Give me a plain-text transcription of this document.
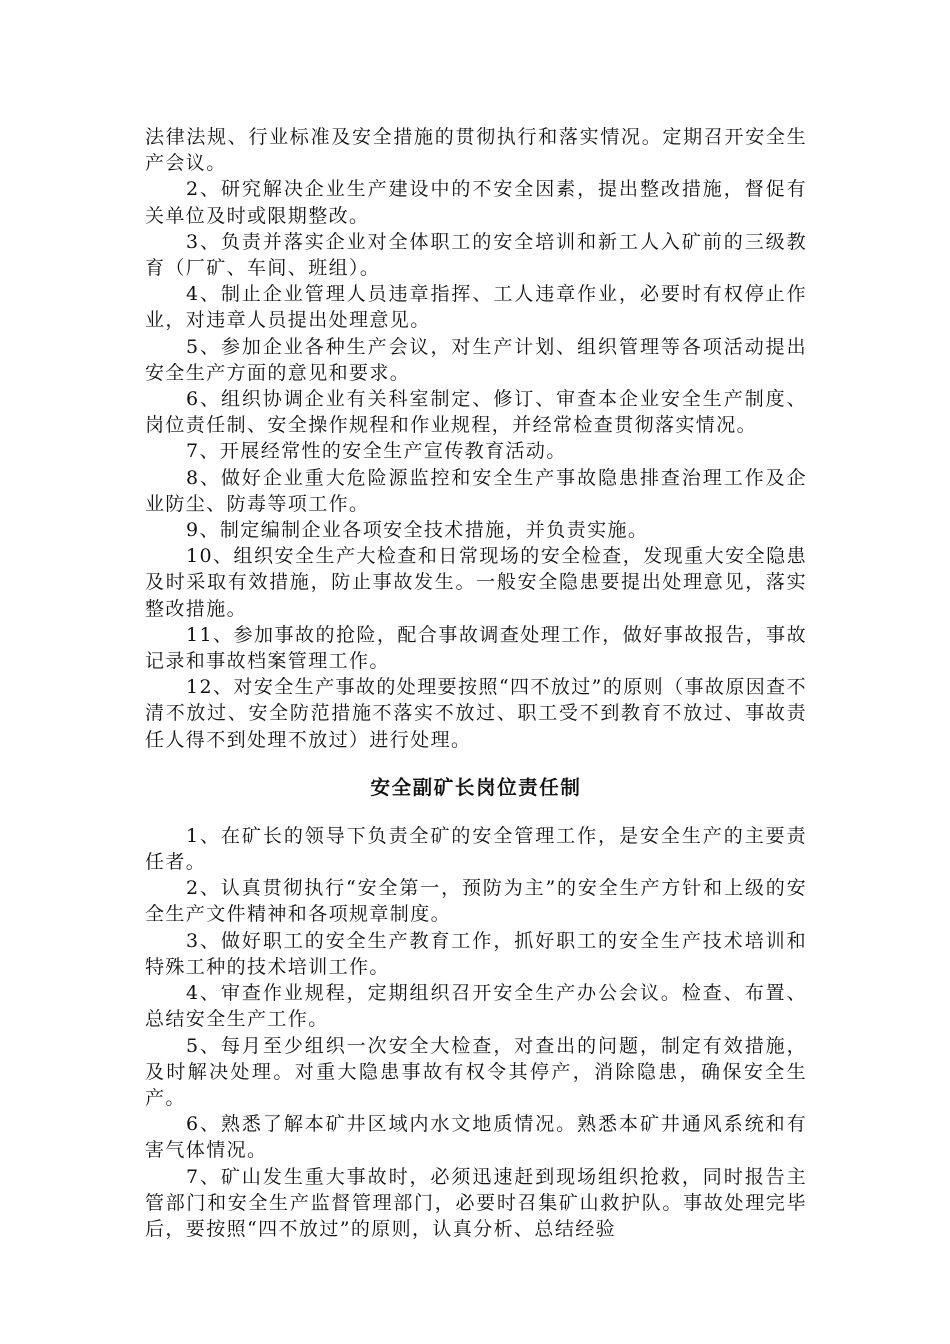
法律法规、行业标准及安全措施的贯彻执行和落实情况。定期召开安全生产会议。

2、研究解决企业生产建设中的不安全因素，提出整改措施，督促有关单位及时或限期整改。

3、负责并落实企业对全体职工的安全培训和新工人入矿前的三级教育（厂矿、车间、班组）。

4、制止企业管理人员违章指挥、工人违章作业，必要时有权停止作业，对违章人员提出处理意见。

5、参加企业各种生产会议，对生产计划、组织管理等各项活动提出安全生产方面的意见和要求。

6、组织协调企业有关科室制定、修订、审查本企业安全生产制度、岗位责任制、安全操作规程和作业规程，并经常检查贯彻落实情况。

7、开展经常性的安全生产宣传教育活动。

8、做好企业重大危险源监控和安全生产事故隐患排查治理工作及企业防尘、防毒等项工作。

9、制定编制企业各项安全技术措施，并负责实施。

10、组织安全生产大检查和日常现场的安全检查，发现重大安全隐患及时采取有效措施，防止事故发生。一般安全隐患要提出处理意见，落实整改措施。

11、参加事故的抢险，配合事故调查处理工作，做好事故报告，事故记录和事故档案管理工作。

12、对安全生产事故的处理要按照“四不放过”的原则（事故原因查不清不放过、安全防范措施不落实不放过、职工受不到教育不放过、事故责任人得不到处理不放过）进行处理。

安全副矿长岗位责任制

1、在矿长的领导下负责全矿的安全管理工作，是安全生产的主要责任者。

2、认真贯彻执行“安全第一，预防为主”的安全生产方针和上级的安全生产文件精神和各项规章制度。

3、做好职工的安全生产教育工作，抓好职工的安全生产技术培训和特殊工种的技术培训工作。

4、审查作业规程，定期组织召开安全生产办公会议。检查、布置、总结安全生产工作。

5、每月至少组织一次安全大检查，对查出的问题，制定有效措施，及时解决处理。对重大隐患事故有权令其停产，消除隐患，确保安全生产。

6、熟悉了解本矿井区域内水文地质情况。熟悉本矿井通风系统和有害气体情况。

7、矿山发生重大事故时，必须迅速赶到现场组织抢救，同时报告主管部门和安全生产监督管理部门，必要时召集矿山救护队。事故处理完毕后，要按照“四不放过”的原则，认真分析、总结经验
